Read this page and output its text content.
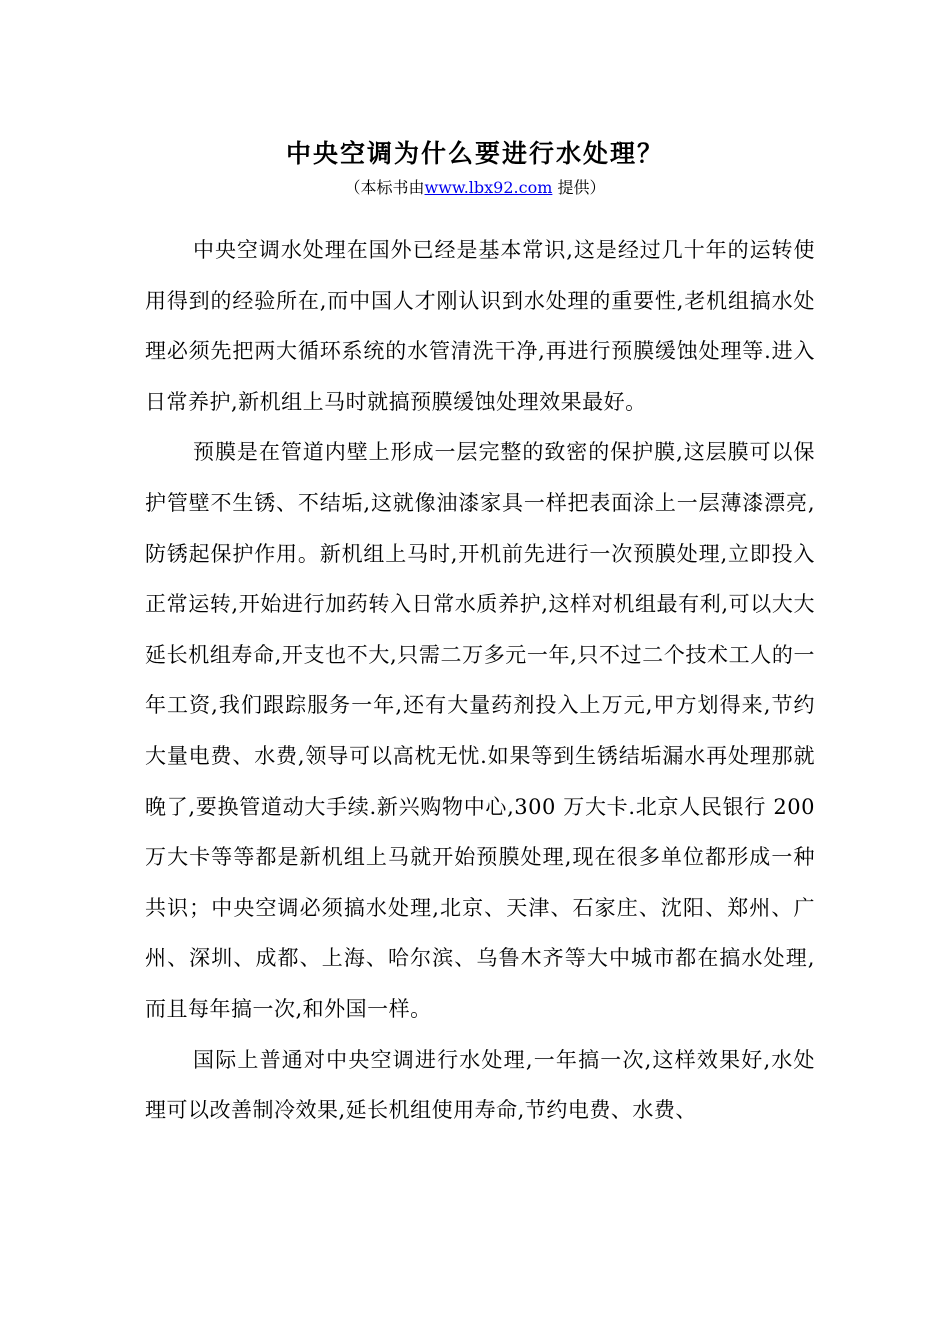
中央空调为什么要进行水处理？

（本标书由www.lbx92.com 提供）

中央空调水处理在国外已经是基本常识,这是经过几十年的运转使用得到的经验所在,而中国人才刚认识到水处理的重要性,老机组搞水处理必须先把两大循环系统的水管清洗干净,再进行预膜缓蚀处理等.进入日常养护,新机组上马时就搞预膜缓蚀处理效果最好。

预膜是在管道内壁上形成一层完整的致密的保护膜,这层膜可以保护管壁不生锈、不结垢,这就像油漆家具一样把表面涂上一层薄漆漂亮,防锈起保护作用。新机组上马时,开机前先进行一次预膜处理,立即投入正常运转,开始进行加药转入日常水质养护,这样对机组最有利,可以大大延长机组寿命,开支也不大,只需二万多元一年,只不过二个技术工人的一年工资,我们跟踪服务一年,还有大量药剂投入上万元,甲方划得来,节约大量电费、水费,领导可以高枕无忧.如果等到生锈结垢漏水再处理那就晚了,要换管道动大手续.新兴购物中心,300 万大卡.北京人民银行 200 万大卡等等都是新机组上马就开始预膜处理,现在很多单位都形成一种共识；中央空调必须搞水处理,北京、天津、石家庄、沈阳、郑州、广州、深圳、成都、上海、哈尔滨、乌鲁木齐等大中城市都在搞水处理,而且每年搞一次,和外国一样。

国际上普通对中央空调进行水处理,一年搞一次,这样效果好,水处理可以改善制冷效果,延长机组使用寿命,节约电费、水费、
